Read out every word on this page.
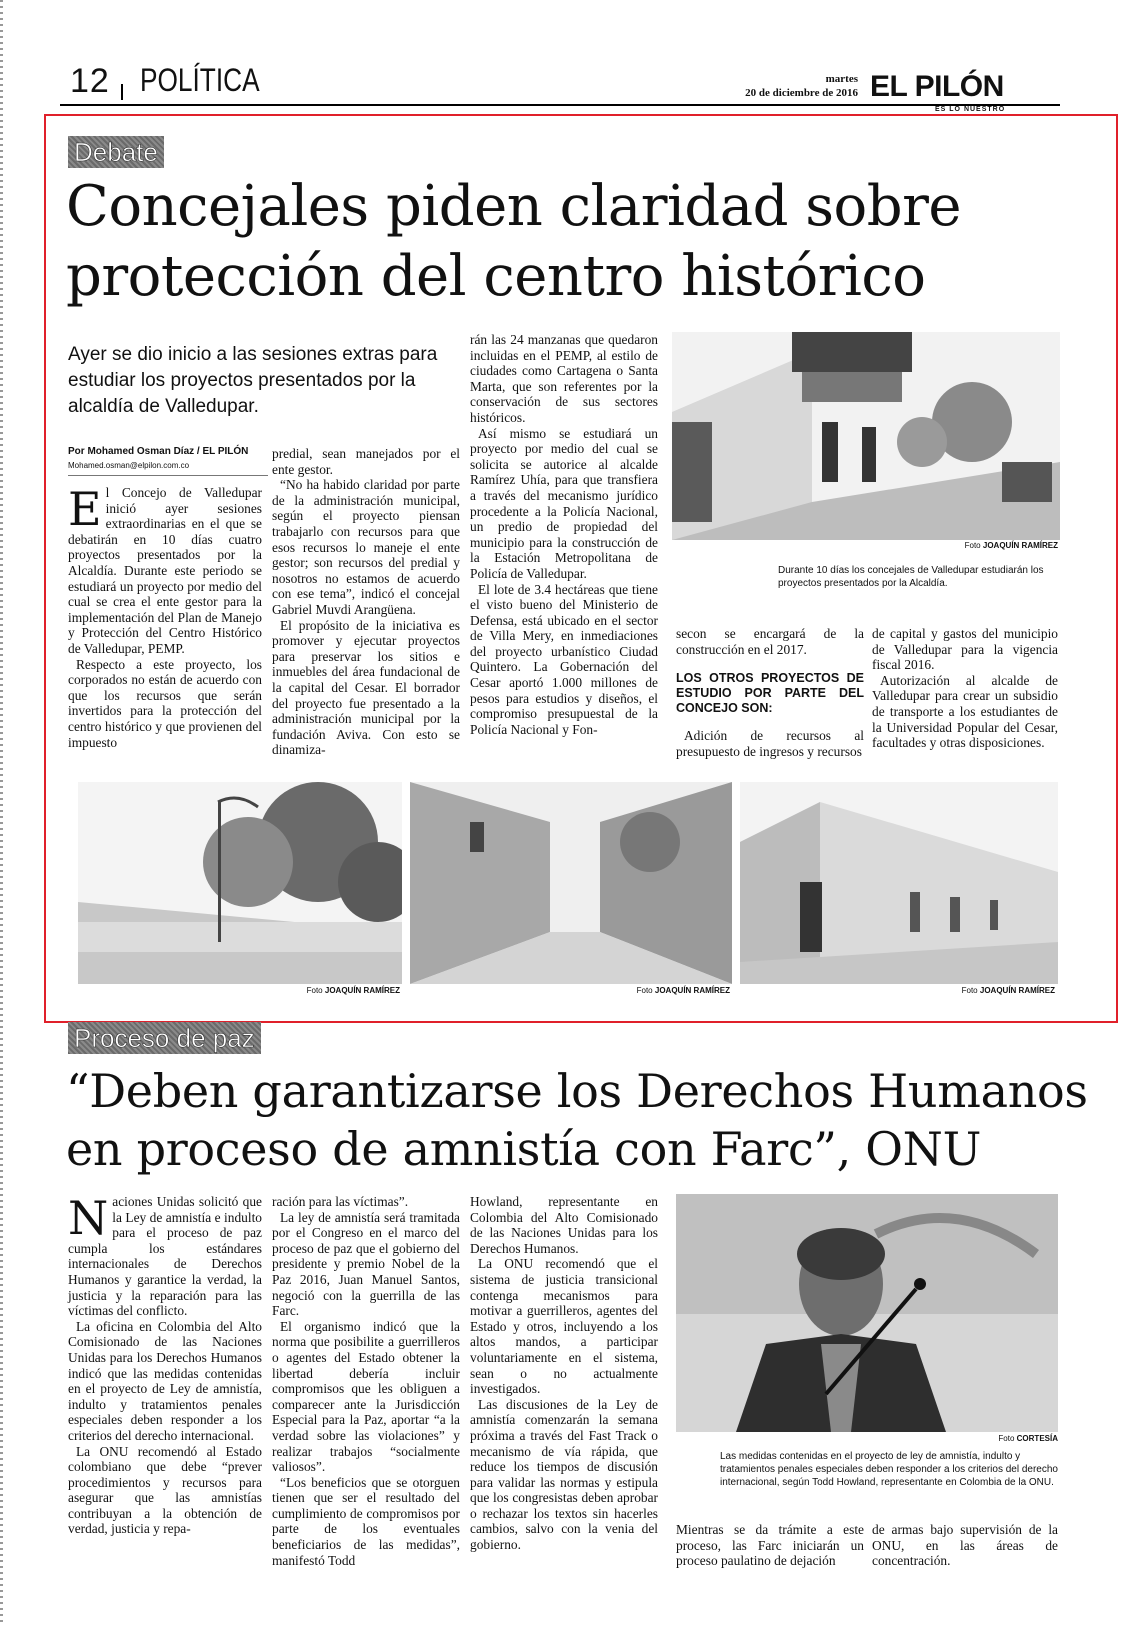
12 POLÍTICA	martes
20 de diciembre de 2016 EL PILÓN
ES LO NUESTRO
Debate
Concejales piden claridad sobre
protección del centro histórico
Ayer se dio inicio a las sesiones extras para estudiar los proyectos presentados por la alcaldía de Valledupar.
Por Mohamed Osman Díaz / EL PILÓN
Mohamed.osman@elpilon.com.co

El Concejo de Valledupar inició ayer sesiones extraordinarias en el que se debatirán en 10 días cuatro proyectos presentados por la Alcaldía. Durante este periodo se estudiará un proyecto por medio del cual se crea el ente gestor para la implementación del Plan de Manejo y Protección del Centro Histórico de Valledupar, PEMP.

Respecto a este proyecto, los corporados no están de acuerdo con que los recursos que serán invertidos para la protección del centro histórico y que provienen del impuesto

predial, sean manejados por el ente gestor.

“No ha habido claridad por parte de la administración municipal, según el proyecto piensan trabajarlo con recursos para que esos recursos lo maneje el ente gestor; son recursos del predial y nosotros no estamos de acuerdo con ese tema”, indicó el concejal Gabriel Muvdi Arangüena.

El propósito de la iniciativa es promover y ejecutar proyectos para preservar los sitios e inmuebles del área fundacional de la capital del Cesar. El borrador del proyecto fue presentado a la administración municipal por la fundación Aviva. Con esto se dinamiza-

rán las 24 manzanas que quedaron incluidas en el PEMP, al estilo de ciudades como Cartagena o Santa Marta, que son referentes por la conservación de sus sectores históricos.

Así mismo se estudiará un proyecto por medio del cual se solicita se autorice al alcalde Ramírez Uhía, para que transfiera a través del mecanismo jurídico procedente a la Policía Nacional, un predio de propiedad del municipio para la construcción de la Estación Metropolitana de Policía de Valledupar.

El lote de 3.4 hectáreas que tiene el visto bueno del Ministerio de Defensa, está ubicado en el sector de Villa Mery, en inmediaciones del proyecto urbanístico Ciudad Quintero. La Gobernación del Cesar aportó 1.000 millones de pesos para estudios y diseños, el compromiso presupuestal de la Policía Nacional y Fon-

Foto JOAQUÍN RAMÍREZ
Durante 10 días los concejales de Valledupar estudiarán los proyectos presentados por la Alcaldía.

secon se encargará de la construcción en el 2017.

LOS OTROS PROYECTOS DE ESTUDIO POR PARTE DEL CONCEJO SON:

Adición de recursos al presupuesto de ingresos y recursos

de capital y gastos del municipio de Valledupar para la vigencia fiscal 2016.

Autorización al alcalde de Valledupar para crear un subsidio de transporte a los estudiantes de la Universidad Popular del Cesar, facultades y otras disposiciones.

Foto JOAQUÍN RAMÍREZ	Foto JOAQUÍN RAMÍREZ	Foto JOAQUÍN RAMÍREZ
Proceso de paz
“Deben garantizarse los Derechos Humanos
en proceso de amnistía con Farc”, ONU

Naciones Unidas solicitó que la Ley de amnistía e indulto para el proceso de paz cumpla los estándares internacionales de Derechos Humanos y garantice la verdad, la justicia y la reparación para las víctimas del conflicto.

La oficina en Colombia del Alto Comisionado de las Naciones Unidas para los Derechos Humanos indicó que las medidas contenidas en el proyecto de Ley de amnistía, indulto y tratamientos penales especiales deben responder a los criterios del derecho internacional.

La ONU recomendó al Estado colombiano que debe “prever procedimientos y recursos para asegurar que las amnistías contribuyan a la obtención de verdad, justicia y repa-

ración para las víctimas”.

La ley de amnistía será tramitada por el Congreso en el marco del proceso de paz que el gobierno del presidente y premio Nobel de la Paz 2016, Juan Manuel Santos, negoció con la guerrilla de las Farc.

El organismo indicó que la norma que posibilite a guerrilleros o agentes del Estado obtener la libertad debería incluir compromisos que les obliguen a comparecer ante la Jurisdicción Especial para la Paz, aportar “a la verdad sobre las violaciones” y realizar trabajos “socialmente valiosos”.

“Los beneficios que se otorguen tienen que ser el resultado del cumplimiento de compromisos por parte de los eventuales beneficiarios de las medidas”, manifestó Todd

Howland, representante en Colombia del Alto Comisionado de las Naciones Unidas para los Derechos Humanos.

La ONU recomendó que el sistema de justicia transicional contenga mecanismos para motivar a guerrilleros, agentes del Estado y otros, incluyendo a los altos mandos, a participar voluntariamente en el sistema, sean o no actualmente investigados.

Las discusiones de la Ley de amnistía comenzarán la semana próxima a través del Fast Track o mecanismo de vía rápida, que reduce los tiempos de discusión para validar las normas y estipula que los congresistas deben aprobar o rechazar los textos sin hacerles cambios, salvo con la venia del gobierno.

Foto CORTESÍA
Las medidas contenidas en el proyecto de ley de amnistía, indulto y tratamientos penales especiales deben responder a los criterios del derecho internacional, según Todd Howland, representante en Colombia de la ONU.

Mientras se da trámite a este proceso, las Farc iniciarán un proceso paulatino de dejación

de armas bajo supervisión de la ONU, en las áreas de concentración.
